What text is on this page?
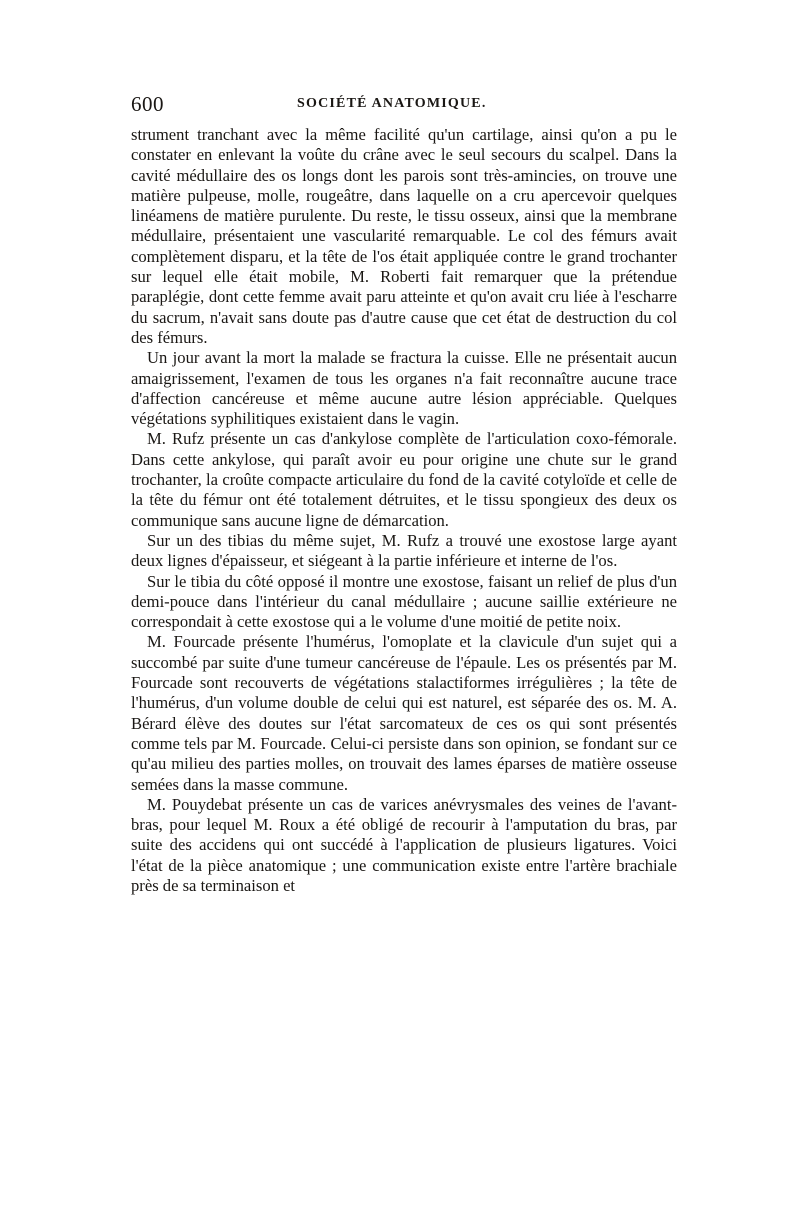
600	SOCIÉTÉ ANATOMIQUE.

strument tranchant avec la même facilité qu'un cartilage, ainsi qu'on a pu le constater en enlevant la voûte du crâne avec le seul secours du scalpel. Dans la cavité médullaire des os longs dont les parois sont très-amincies, on trouve une matière pulpeuse, molle, rougeâtre, dans laquelle on a cru apercevoir quelques linéamens de matière purulente. Du reste, le tissu osseux, ainsi que la membrane médullaire, présentaient une vascularité remarquable. Le col des fémurs avait complètement disparu, et la tête de l'os était appliquée contre le grand trochanter sur lequel elle était mobile, M. Roberti fait remarquer que la prétendue paraplégie, dont cette femme avait paru atteinte et qu'on avait cru liée à l'escharre du sacrum, n'avait sans doute pas d'autre cause que cet état de destruction du col des fémurs.

Un jour avant la mort la malade se fractura la cuisse. Elle ne présentait aucun amaigrissement, l'examen de tous les organes n'a fait reconnaître aucune trace d'affection cancéreuse et même aucune autre lésion appréciable. Quelques végétations syphilitiques existaient dans le vagin.

M. Rufz présente un cas d'ankylose complète de l'articulation coxo-fémorale. Dans cette ankylose, qui paraît avoir eu pour origine une chute sur le grand trochanter, la croûte compacte articulaire du fond de la cavité cotyloïde et celle de la tête du fémur ont été totalement détruites, et le tissu spongieux des deux os communique sans aucune ligne de démarcation.

Sur un des tibias du même sujet, M. Rufz a trouvé une exostose large ayant deux lignes d'épaisseur, et siégeant à la partie inférieure et interne de l'os.

Sur le tibia du côté opposé il montre une exostose, faisant un relief de plus d'un demi-pouce dans l'intérieur du canal médullaire ; aucune saillie extérieure ne correspondait à cette exostose qui a le volume d'une moitié de petite noix.

M. Fourcade présente l'humérus, l'omoplate et la clavicule d'un sujet qui a succombé par suite d'une tumeur cancéreuse de l'épaule. Les os présentés par M. Fourcade sont recouverts de végétations stalactiformes irrégulières ; la tête de l'humérus, d'un volume double de celui qui est naturel, est séparée des os. M. A. Bérard élève des doutes sur l'état sarcomateux de ces os qui sont présentés comme tels par M. Fourcade. Celui-ci persiste dans son opinion, se fondant sur ce qu'au milieu des parties molles, on trouvait des lames éparses de matière osseuse semées dans la masse commune.

M. Pouydebat présente un cas de varices anévrysmales des veines de l'avant-bras, pour lequel M. Roux a été obligé de recourir à l'amputation du bras, par suite des accidens qui ont succédé à l'application de plusieurs ligatures. Voici l'état de la pièce anatomique ; une communication existe entre l'artère brachiale près de sa terminaison et
